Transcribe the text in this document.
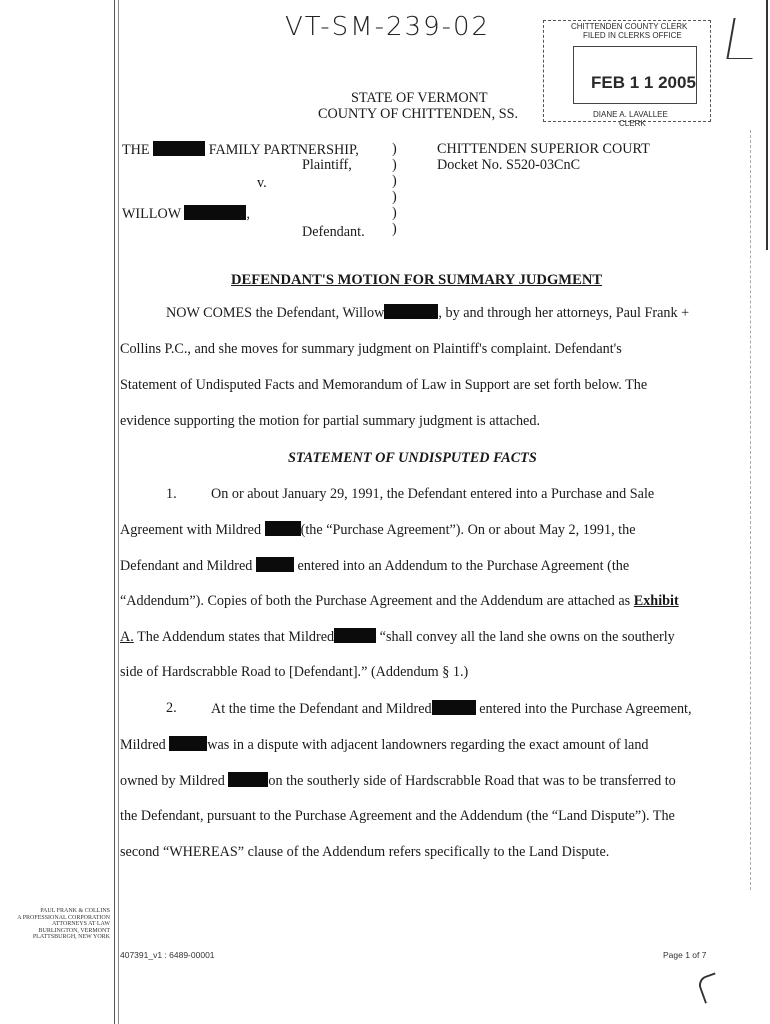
VT-SM-239-02	CHITTENDEN COUNTY CLERK
FILED IN CLERKS OFFICE
FEB 1 1 2005
DIANE A. LAVALLEE
CLERK
STATE OF VERMONT
COUNTY OF CHITTENDEN, SS.
THE	FAMILY PARTNERSHIP,
Plaintiff,
v.
WILLOW	,
Defendant.
)
)
)
)
)
)
CHITTENDEN SUPERIOR COURT
Docket No. S520-03CnC
DEFENDANT'S MOTION FOR SUMMARY JUDGMENT
NOW COMES the Defendant, Willow	, by and through her attorneys, Paul Frank +
Collins P.C., and she moves for summary judgment on Plaintiff's complaint. Defendant's
Statement of Undisputed Facts and Memorandum of Law in Support are set forth below. The
evidence supporting the motion for partial summary judgment is attached.
STATEMENT OF UNDISPUTED FACTS
1. On or about January 29, 1991, the Defendant entered into a Purchase and Sale
Agreement with Mildred	(the “Purchase Agreement”). On or about May 2, 1991, the
Defendant and Mildred	entered into an Addendum to the Purchase Agreement (the
“Addendum”). Copies of both the Purchase Agreement and the Addendum are attached as Exhibit
A. The Addendum states that Mildred	“shall convey all the land she owns on the southerly
side of Hardscrabble Road to [Defendant].” (Addendum § 1.)
2. At the time the Defendant and Mildred	entered into the Purchase Agreement,
Mildred	was in a dispute with adjacent landowners regarding the exact amount of land
owned by Mildred	on the southerly side of Hardscrabble Road that was to be transferred to
the Defendant, pursuant to the Purchase Agreement and the Addendum (the “Land Dispute”). The
second “WHEREAS” clause of the Addendum refers specifically to the Land Dispute.
PAUL FRANK & COLLINS
A PROFESSIONAL CORPORATION
ATTORNEYS AT LAW
BURLINGTON, VERMONT
PLATTSBURGH, NEW YORK
407391_v1 : 6489-00001	Page 1 of 7
